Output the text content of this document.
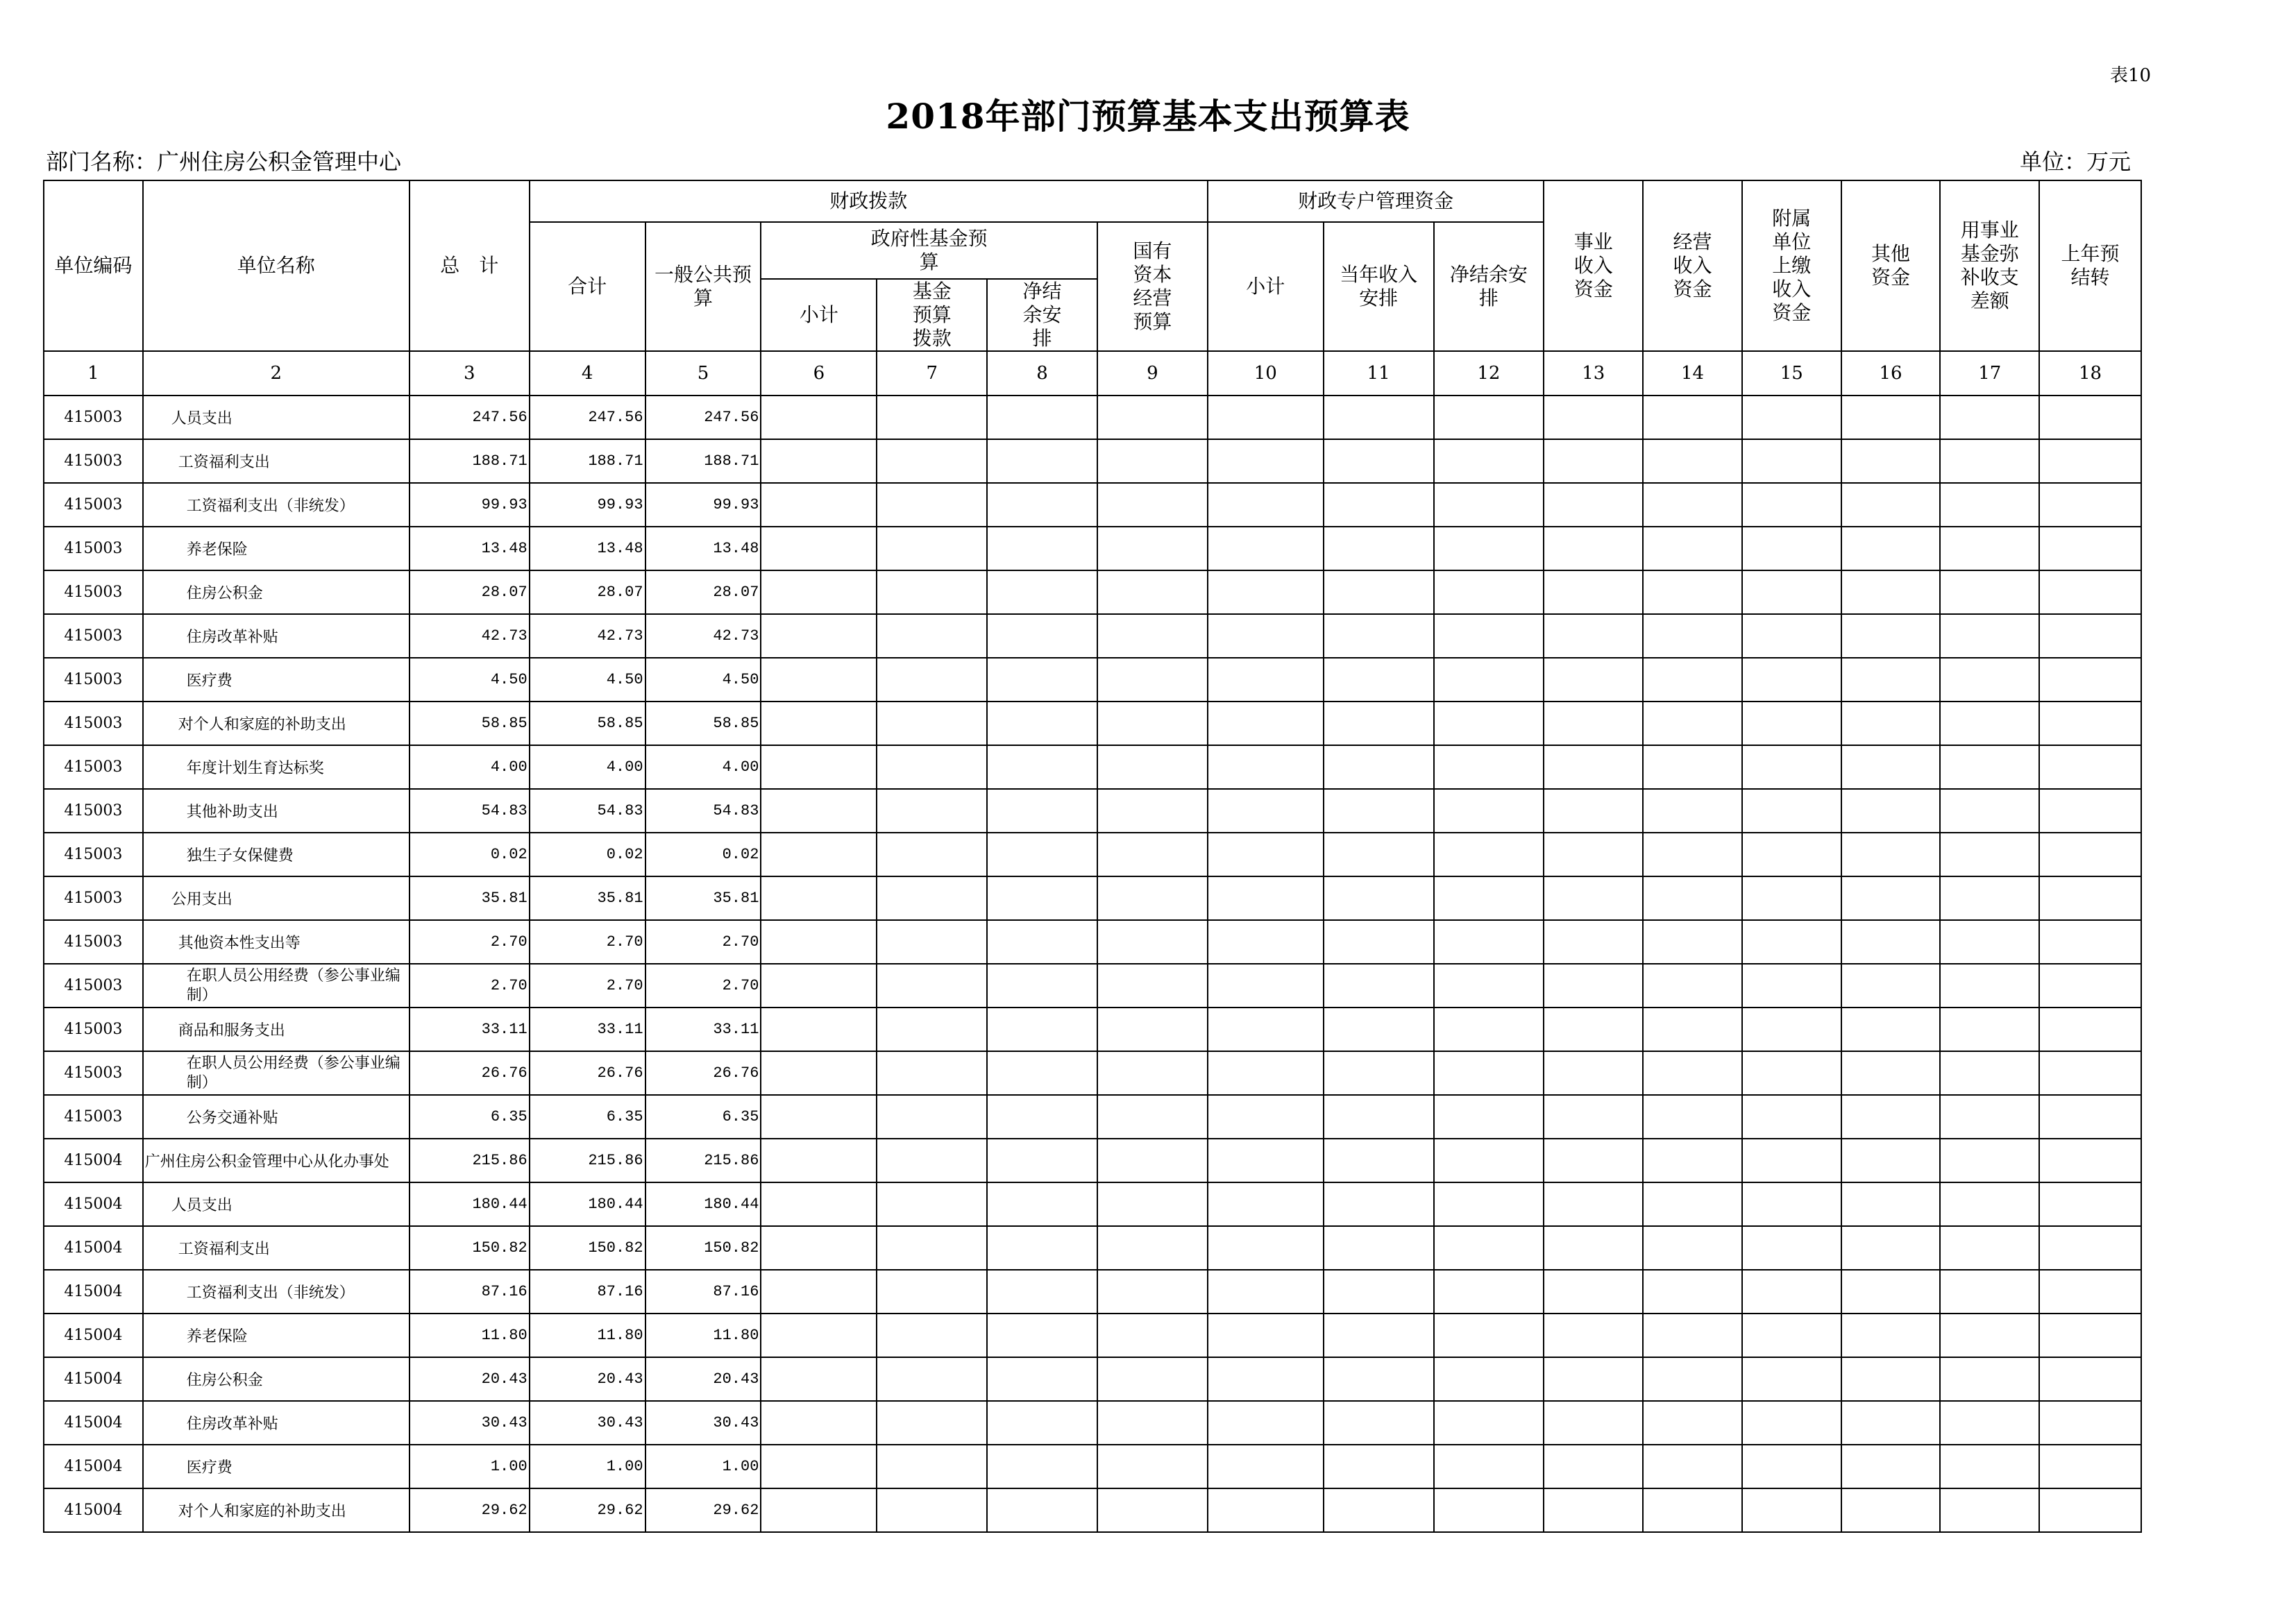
表10
2018年部门预算基本支出预算表
部门名称：广州住房公积金管理中心	单位：万元
单位编码	单位名称	总　计	财政拨款						财政专户管理资金			事业收入资金	经营收入资金	附属单位上缴收入资金	其他资金	用事业基金弥补收支差额	上年预结转
			合计	一般公共预算	政府性基金预算			国有资本经营预算	小计	当年收入安排	净结余安排						
					小计	基金预算拨款	净结余安排										
1	2	3	4	5	6	7	8	9	10	11	12	13	14	15	16	17	18
415003	人员支出	247.56	247.56	247.56													
415003	工资福利支出	188.71	188.71	188.71													
415003	工资福利支出（非统发）	99.93	99.93	99.93													
415003	养老保险	13.48	13.48	13.48													
415003	住房公积金	28.07	28.07	28.07													
415003	住房改革补贴	42.73	42.73	42.73													
415003	医疗费	4.50	4.50	4.50													
415003	对个人和家庭的补助支出	58.85	58.85	58.85													
415003	年度计划生育达标奖	4.00	4.00	4.00													
415003	其他补助支出	54.83	54.83	54.83													
415003	独生子女保健费	0.02	0.02	0.02													
415003	公用支出	35.81	35.81	35.81													
415003	其他资本性支出等	2.70	2.70	2.70													
415003	在职人员公用经费（参公事业编制）	2.70	2.70	2.70													
415003	商品和服务支出	33.11	33.11	33.11													
415003	在职人员公用经费（参公事业编制）	26.76	26.76	26.76													
415003	公务交通补贴	6.35	6.35	6.35													
415004	广州住房公积金管理中心从化办事处	215.86	215.86	215.86													
415004	人员支出	180.44	180.44	180.44													
415004	工资福利支出	150.82	150.82	150.82													
415004	工资福利支出（非统发）	87.16	87.16	87.16													
415004	养老保险	11.80	11.80	11.80													
415004	住房公积金	20.43	20.43	20.43													
415004	住房改革补贴	30.43	30.43	30.43													
415004	医疗费	1.00	1.00	1.00													
415004	对个人和家庭的补助支出	29.62	29.62	29.62													
